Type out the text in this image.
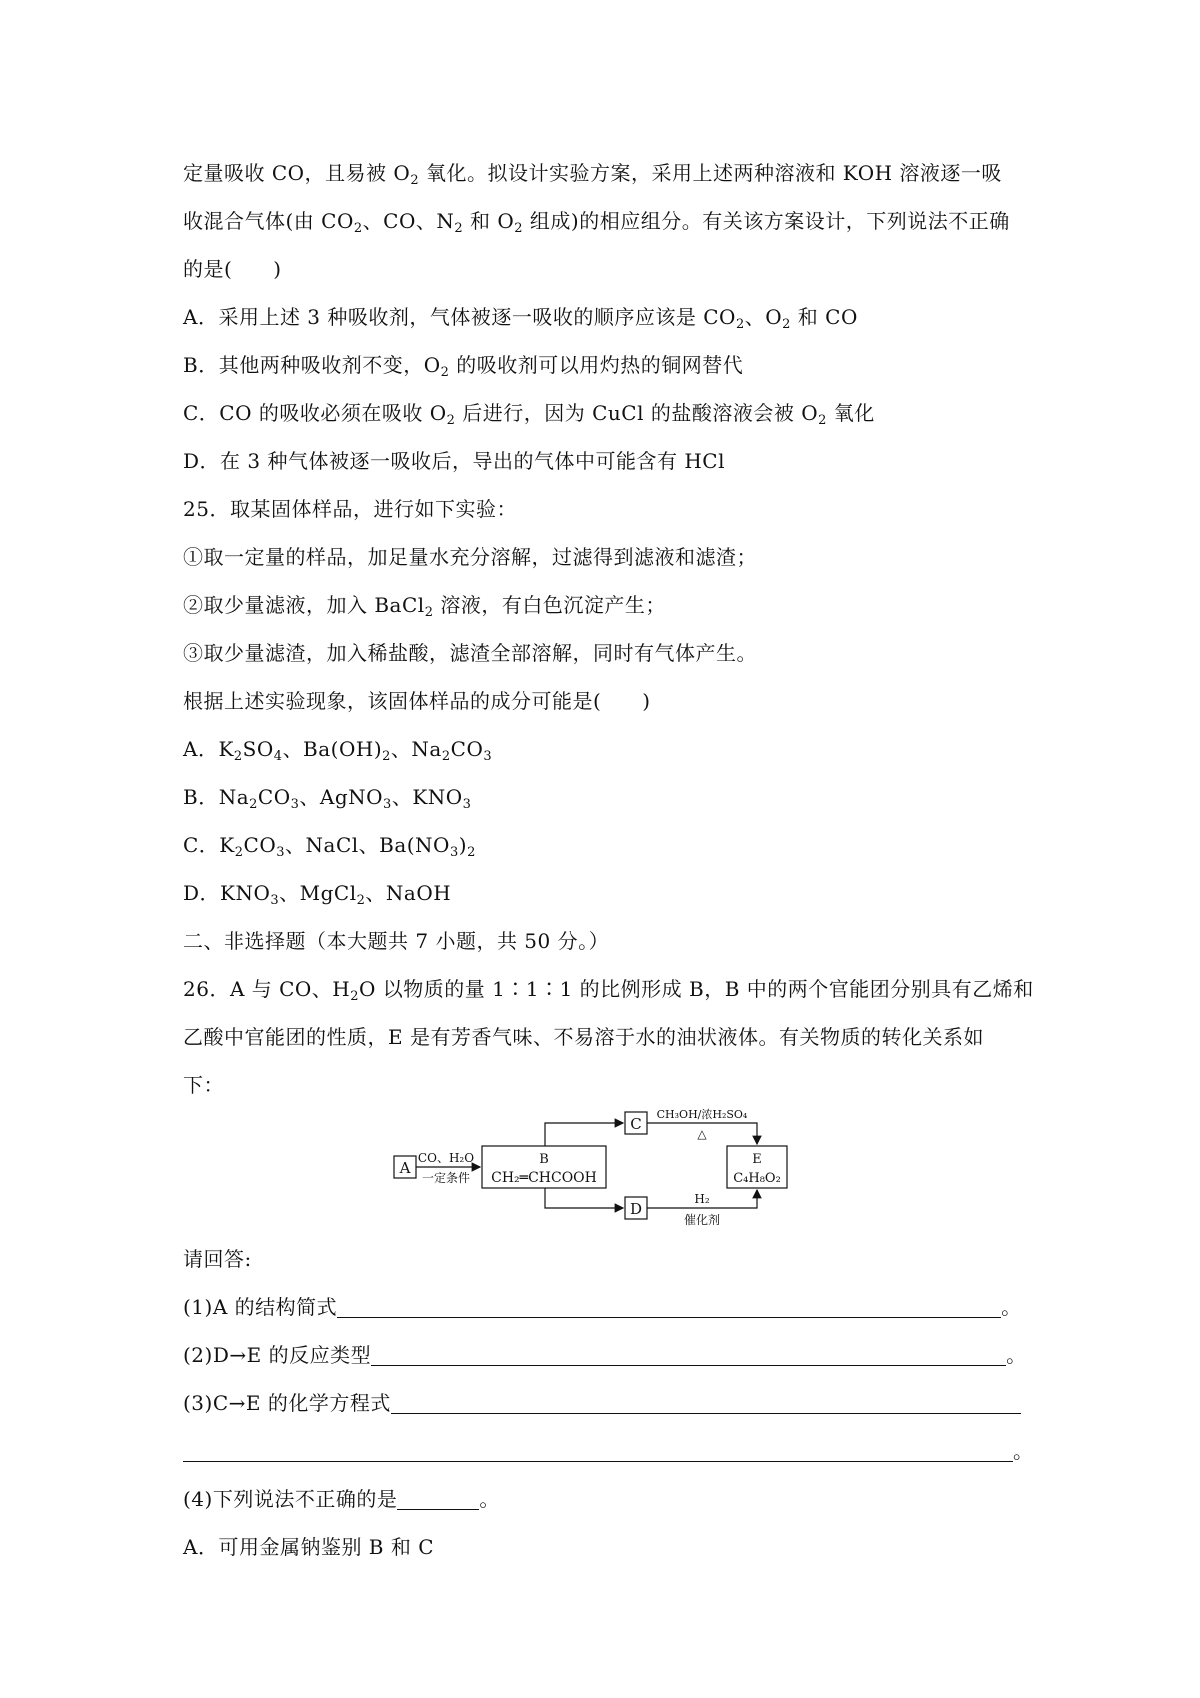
定量吸收 CO，且易被 $O_2$ 氧化。拟设计实验方案，采用上述两种溶液和 KOH 溶液逐一吸
收混合气体(由 $CO_2$、CO、$N_2$ 和 $O_2$ 组成)的相应组分。有关该方案设计，下列说法不正确
的是(　　)
A．采用上述 3 种吸收剂，气体被逐一吸收的顺序应该是 $CO_2$、$O_2$ 和 CO
B．其他两种吸收剂不变，$O_2$ 的吸收剂可以用灼热的铜网替代
C．CO 的吸收必须在吸收 $O_2$ 后进行，因为 CuCl 的盐酸溶液会被 $O_2$ 氧化
D．在 3 种气体被逐一吸收后，导出的气体中可能含有 HCl
25．取某固体样品，进行如下实验：
①取一定量的样品，加足量水充分溶解，过滤得到滤液和滤渣；
②取少量滤液，加入 BaCl$_2$ 溶液，有白色沉淀产生；
③取少量滤渣，加入稀盐酸，滤渣全部溶解，同时有气体产生。
根据上述实验现象，该固体样品的成分可能是(　　)
A．$K_2SO_4$、$Ba(OH)_2$、$Na_2CO_3$
B．$Na_2CO_3$、AgNO$_3$、$KNO_3$
C．$K_2CO_3$、NaCl、$Ba(NO_3)_2$
D．$KNO_3$、MgCl$_2$、NaOH
二、非选择题（本大题共 7 小题，共 50 分。）
26．A 与 CO、$H_2O$ 以物质的量 1∶1∶1 的比例形成 B，B 中的两个官能团分别具有乙烯和
乙酸中官能团的性质，E 是有芳香气味、不易溶于水的油状液体。有关物质的转化关系如
下：
A
CO、H₂O
一定条件
B
CH₂═CHCOOH
C
CH₃OH/浓H₂SO₄
△
E
C₄H₈O₂
D
H₂
催化剂
请回答:
(1)A 的结构简式	。
(2)D→E 的反应类型	。
(3)C→E 的化学方程式
。
(4)下列说法不正确的是	。
A．可用金属钠鉴别 B 和 C
